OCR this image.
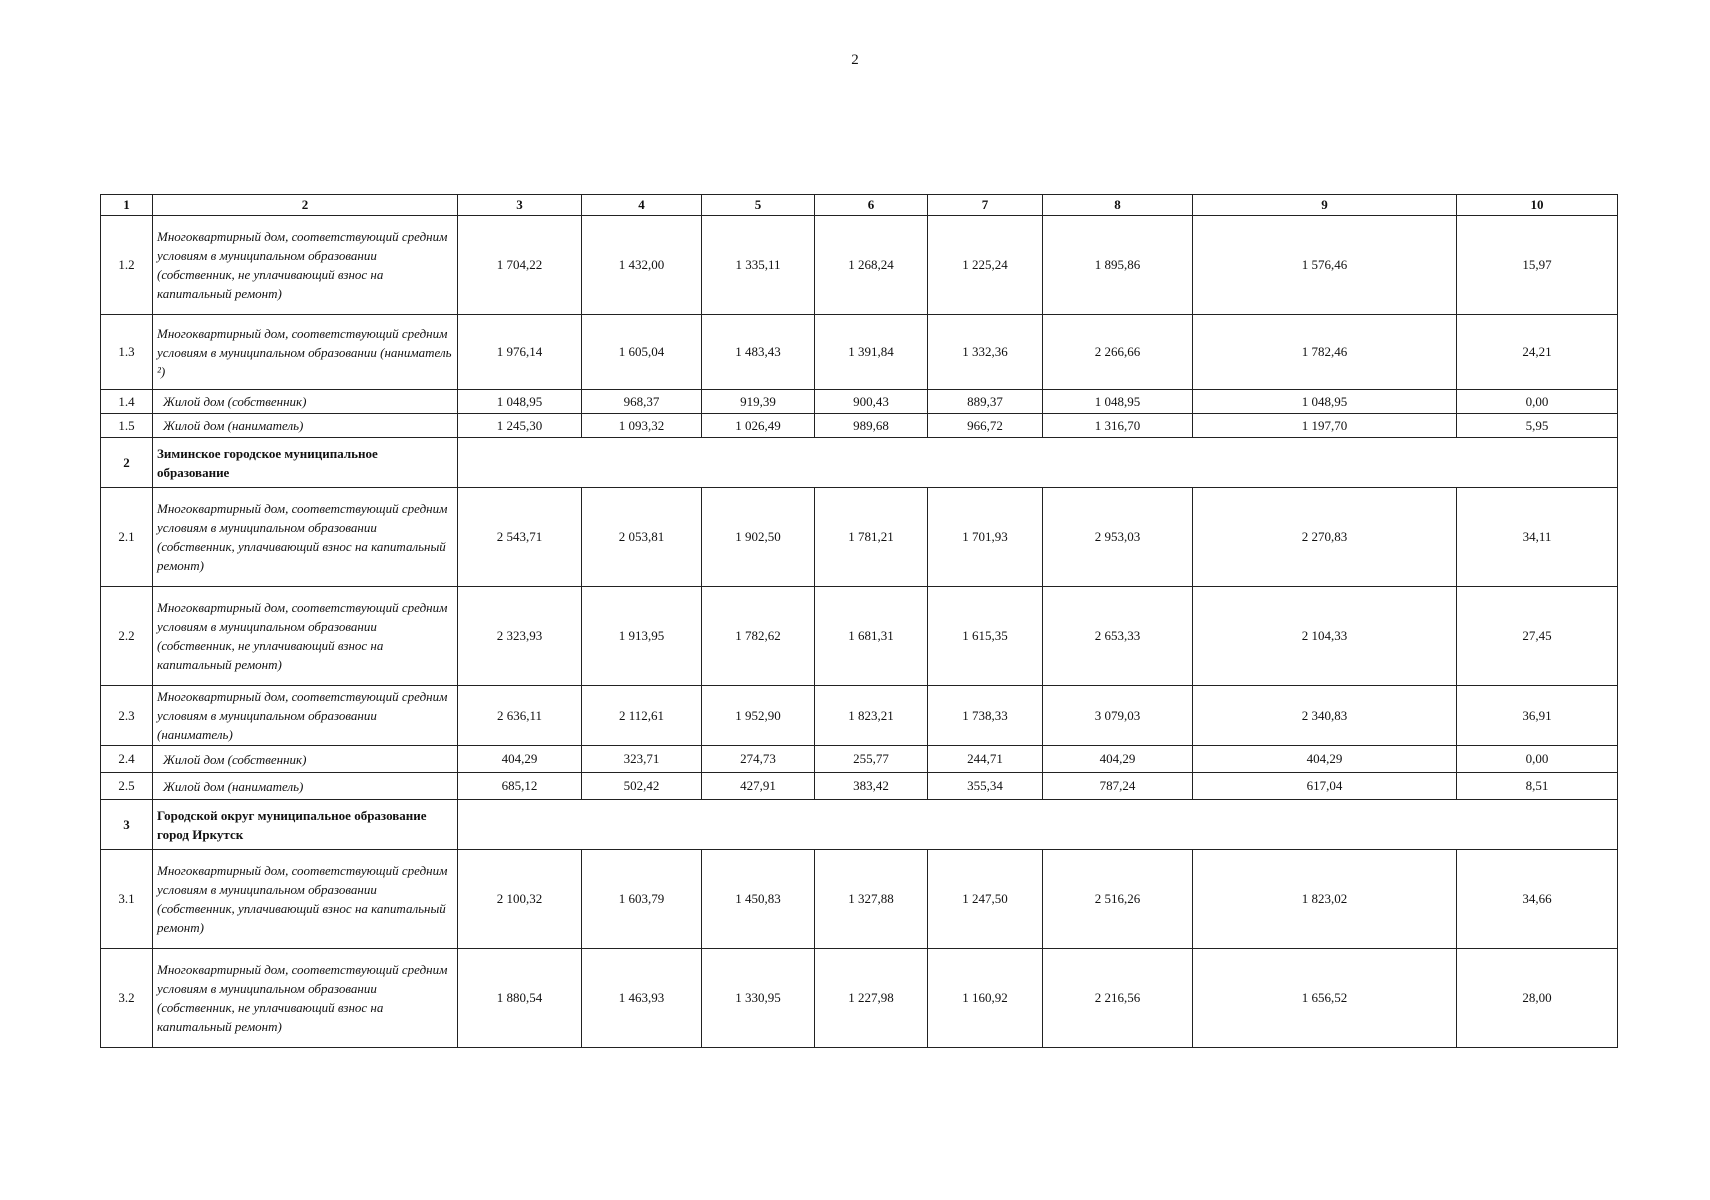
2
1	2	3	4	5	6	7	8	9	10
1.2	Многоквартирный дом, соответствующий средним условиям в муниципальном образовании (собственник, не уплачивающий взнос на капитальный ремонт)	1 704,22	1 432,00	1 335,11	1 268,24	1 225,24	1 895,86	1 576,46	15,97
1.3	Многоквартирный дом, соответствующий средним условиям в муниципальном образовании (наниматель ²)	1 976,14	1 605,04	1 483,43	1 391,84	1 332,36	2 266,66	1 782,46	24,21
1.4	Жилой дом (собственник)	1 048,95	968,37	919,39	900,43	889,37	1 048,95	1 048,95	0,00
1.5	Жилой дом (наниматель)	1 245,30	1 093,32	1 026,49	989,68	966,72	1 316,70	1 197,70	5,95
2	Зиминское городское муниципальное образование								
2.1	Многоквартирный дом, соответствующий средним условиям в муниципальном образовании (собственник, уплачивающий взнос на капитальный ремонт)	2 543,71	2 053,81	1 902,50	1 781,21	1 701,93	2 953,03	2 270,83	34,11
2.2	Многоквартирный дом, соответствующий средним условиям в муниципальном образовании (собственник, не уплачивающий взнос на капитальный ремонт)	2 323,93	1 913,95	1 782,62	1 681,31	1 615,35	2 653,33	2 104,33	27,45
2.3	Многоквартирный дом, соответствующий средним условиям в муниципальном образовании (наниматель)	2 636,11	2 112,61	1 952,90	1 823,21	1 738,33	3 079,03	2 340,83	36,91
2.4	Жилой дом (собственник)	404,29	323,71	274,73	255,77	244,71	404,29	404,29	0,00
2.5	Жилой дом (наниматель)	685,12	502,42	427,91	383,42	355,34	787,24	617,04	8,51
3	Городской округ муниципальное образование город Иркутск								
3.1	Многоквартирный дом, соответствующий средним условиям в муниципальном образовании (собственник, уплачивающий взнос на капитальный ремонт)	2 100,32	1 603,79	1 450,83	1 327,88	1 247,50	2 516,26	1 823,02	34,66
3.2	Многоквартирный дом, соответствующий средним условиям в муниципальном образовании (собственник, не уплачивающий взнос на капитальный ремонт)	1 880,54	1 463,93	1 330,95	1 227,98	1 160,92	2 216,56	1 656,52	28,00
